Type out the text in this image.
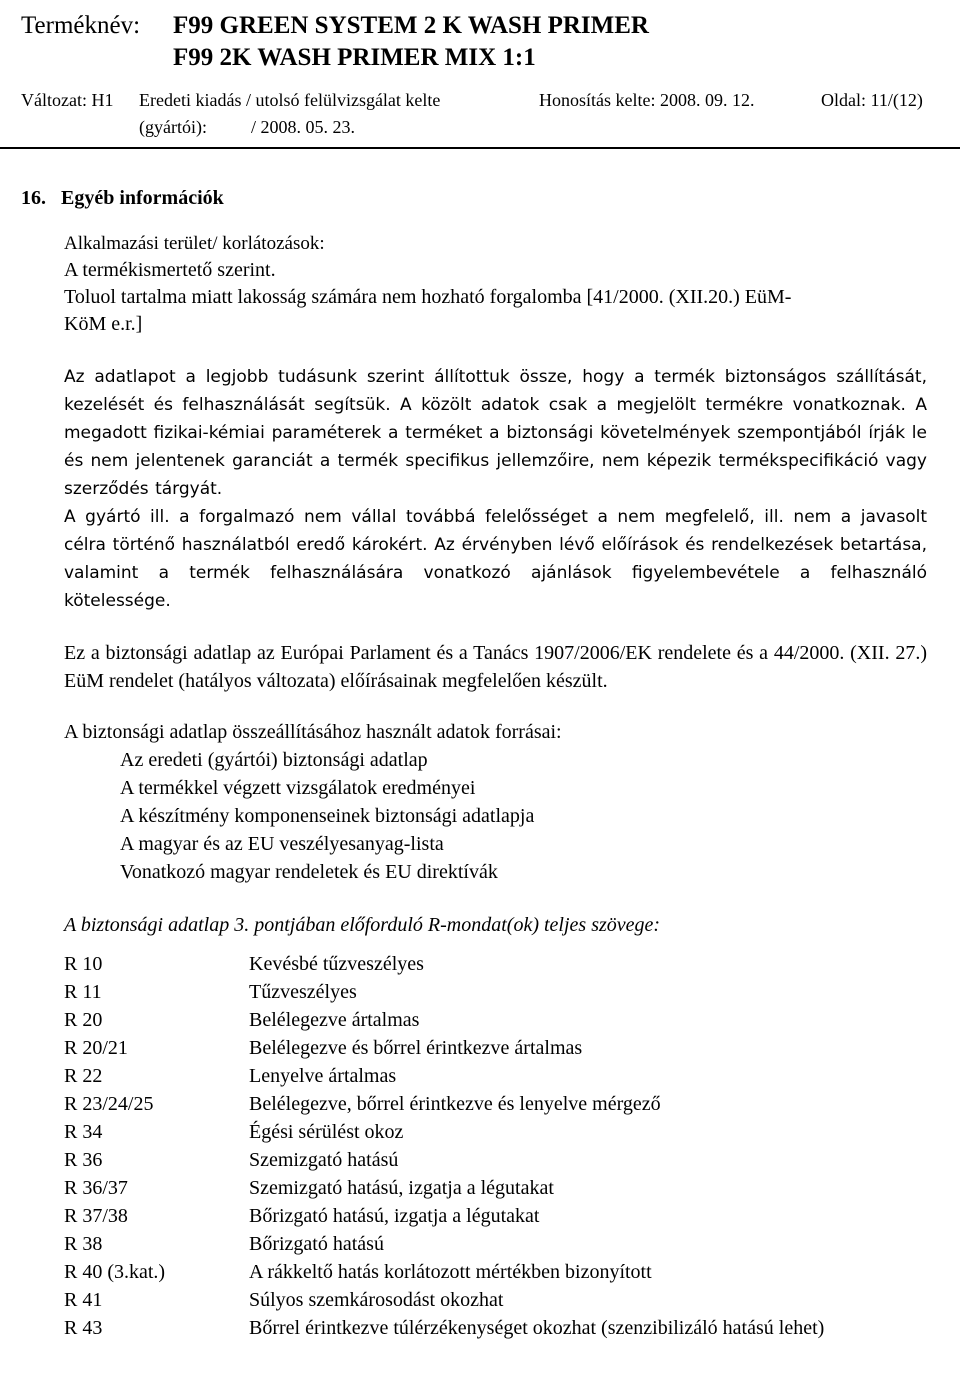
Terméknév:	F99 GREEN SYSTEM 2 K WASH PRIMER
F99 2K WASH PRIMER MIX 1:1
Változat: H1	Eredeti kiadás / utolsó felülvizsgálat kelte	Honosítás kelte: 2008. 09. 12.	Oldal: 11/(12)
(gyártói): / 2008. 05. 23.
16. Egyéb információk
Alkalmazási terület/ korlátozások:
A termékismertető szerint.
Toluol tartalma miatt lakosság számára nem hozható forgalomba [41/2000. (XII.20.) EüM-
KöM e.r.]

Az adatlapot a legjobb tudásunk szerint állítottuk össze, hogy a termék biztonságos szállítását, kezelését és felhasználását segítsük. A közölt adatok csak a megjelölt termékre vonatkoznak. A megadott fizikai-kémiai paraméterek a terméket a biztonsági követelmények szempontjából írják le és nem jelentenek garanciát a termék specifikus jellemzőire, nem képezik termékspecifikáció vagy szerződés tárgyát.

A gyártó ill. a forgalmazó nem vállal továbbá felelősséget a nem megfelelő, ill. nem a javasolt célra történő használatból eredő károkért. Az érvényben lévő előírások és rendelkezések betartása, valamint a termék felhasználására vonatkozó ajánlások figyelembevétele a felhasználó kötelessége.

Ez a biztonsági adatlap az Európai Parlament és a Tanács 1907/2006/EK rendelete és a 44/2000. (XII. 27.) EüM rendelet (hatályos változata) előírásainak megfelelően készült.
A biztonsági adatlap összeállításához használt adatok forrásai:
Az eredeti (gyártói) biztonsági adatlap
A termékkel végzett vizsgálatok eredményei
A készítmény komponenseinek biztonsági adatlapja
A magyar és az EU veszélyesanyag-lista
Vonatkozó magyar rendeletek és EU direktívák
A biztonsági adatlap 3. pontjában előforduló R-mondat(ok) teljes szövege:
R 10	Kevésbé tűzveszélyes
R 11	Tűzveszélyes
R 20	Belélegezve ártalmas
R 20/21	Belélegezve és bőrrel érintkezve ártalmas
R 22	Lenyelve ártalmas
R 23/24/25	Belélegezve, bőrrel érintkezve és lenyelve mérgező
R 34	Égési sérülést okoz
R 36	Szemizgató hatású
R 36/37	Szemizgató hatású, izgatja a légutakat
R 37/38	Bőrizgató hatású, izgatja a légutakat
R 38	Bőrizgató hatású
R 40 (3.kat.)	A rákkeltő hatás korlátozott mértékben bizonyított
R 41	Súlyos szemkárosodást okozhat
R 43	Bőrrel érintkezve túlérzékenységet okozhat (szenzibilizáló hatású lehet)
